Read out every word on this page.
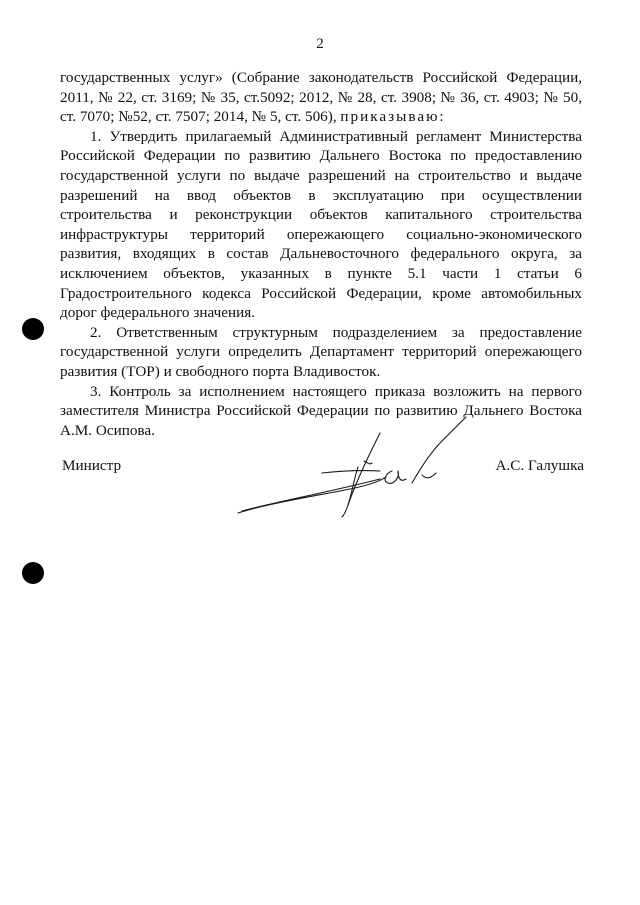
2

государственных услуг» (Собрание законодательств Российской Федерации, 2011, № 22, ст. 3169; № 35, ст.5092; 2012, № 28, ст. 3908; № 36, ст. 4903; № 50, ст. 7070; №52, ст. 7507; 2014, № 5, ст. 506), приказываю:

1. Утвердить прилагаемый Административный регламент Министерства Российской Федерации по развитию Дальнего Востока по предоставлению государственной услуги по выдаче разрешений на строительство и выдаче разрешений на ввод объектов в эксплуатацию при осуществлении строительства и реконструкции объектов капитального строительства инфраструктуры территорий опережающего социально-экономического развития, входящих в состав Дальневосточного федерального округа, за исключением объектов, указанных в пункте 5.1 части 1 статьи 6 Градостроительного кодекса Российской Федерации, кроме автомобильных дорог федерального значения.

2. Ответственным структурным подразделением за предоставление государственной услуги определить Департамент территорий опережающего развития (ТОР) и свободного порта Владивосток.

3. Контроль за исполнением настоящего приказа возложить на первого заместителя Министра Российской Федерации по развитию Дальнего Востока А.М. Осипова.

Министр	А.С. Галушка
